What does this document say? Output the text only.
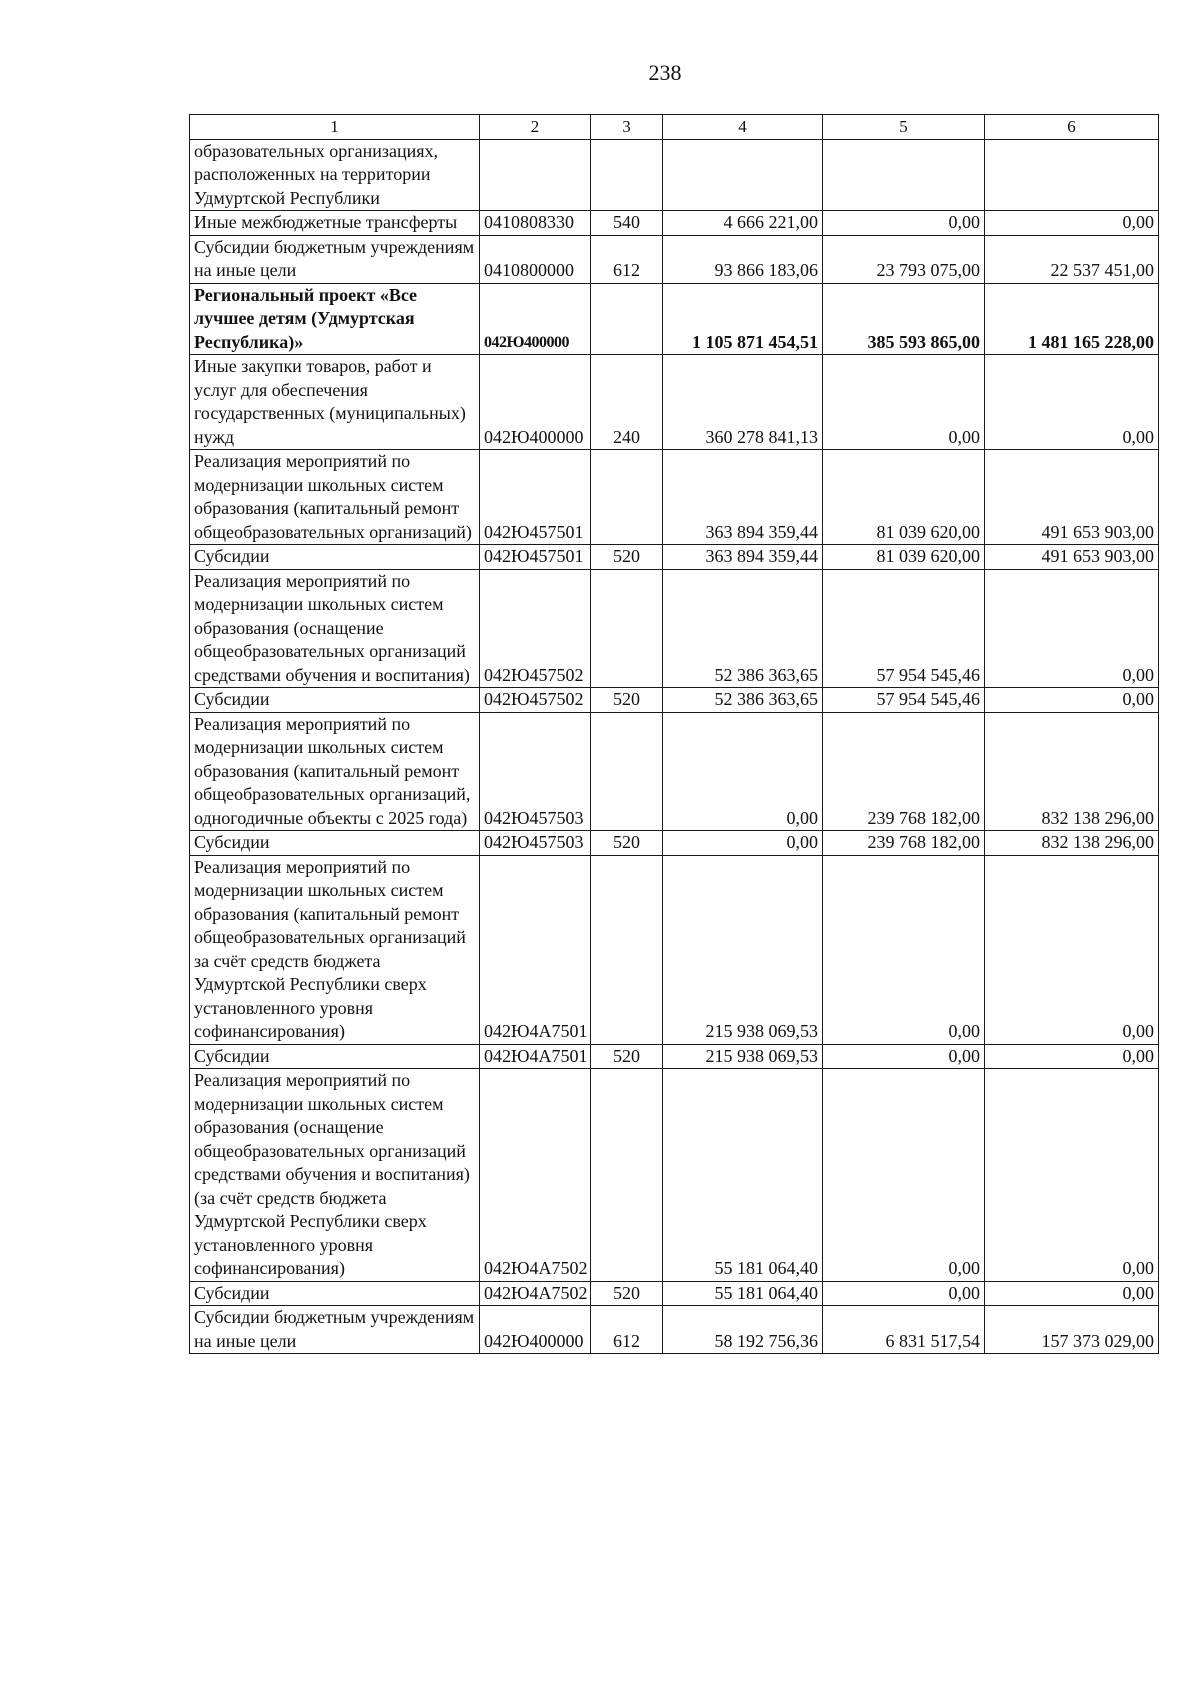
238
1	2	3	4	5	6
образовательных организациях, расположенных на территории Удмуртской Республики					
Иные межбюджетные трансферты	0410808330	540	4 666 221,00	0,00	0,00
Субсидии бюджетным учреждениям на иные цели	0410800000	612	93 866 183,06	23 793 075,00	22 537 451,00
Региональный проект «Все лучшее детям (Удмуртская Республика)»	042Ю400000		1 105 871 454,51	385 593 865,00	1 481 165 228,00
Иные закупки товаров, работ и услуг для обеспечения государственных (муниципальных) нужд	042Ю400000	240	360 278 841,13	0,00	0,00
Реализация мероприятий по модернизации школьных систем образования (капитальный ремонт общеобразовательных организаций)	042Ю457501		363 894 359,44	81 039 620,00	491 653 903,00
Субсидии	042Ю457501	520	363 894 359,44	81 039 620,00	491 653 903,00
Реализация мероприятий по модернизации школьных систем образования (оснащение общеобразовательных организаций средствами обучения и воспитания)	042Ю457502		52 386 363,65	57 954 545,46	0,00
Субсидии	042Ю457502	520	52 386 363,65	57 954 545,46	0,00
Реализация мероприятий по модернизации школьных систем образования (капитальный ремонт общеобразовательных организаций, одногодичные объекты с 2025 года)	042Ю457503		0,00	239 768 182,00	832 138 296,00
Субсидии	042Ю457503	520	0,00	239 768 182,00	832 138 296,00
Реализация мероприятий по модернизации школьных систем образования (капитальный ремонт общеобразовательных организаций за счёт средств бюджета Удмуртской Республики сверх установленного уровня софинансирования)	042Ю4А7501		215 938 069,53	0,00	0,00
Субсидии	042Ю4А7501	520	215 938 069,53	0,00	0,00
Реализация мероприятий по модернизации школьных систем образования (оснащение общеобразовательных организаций средствами обучения и воспитания) (за счёт средств бюджета Удмуртской Республики сверх установленного уровня софинансирования)	042Ю4А7502		55 181 064,40	0,00	0,00
Субсидии	042Ю4А7502	520	55 181 064,40	0,00	0,00
Субсидии бюджетным учреждениям на иные цели	042Ю400000	612	58 192 756,36	6 831 517,54	157 373 029,00
